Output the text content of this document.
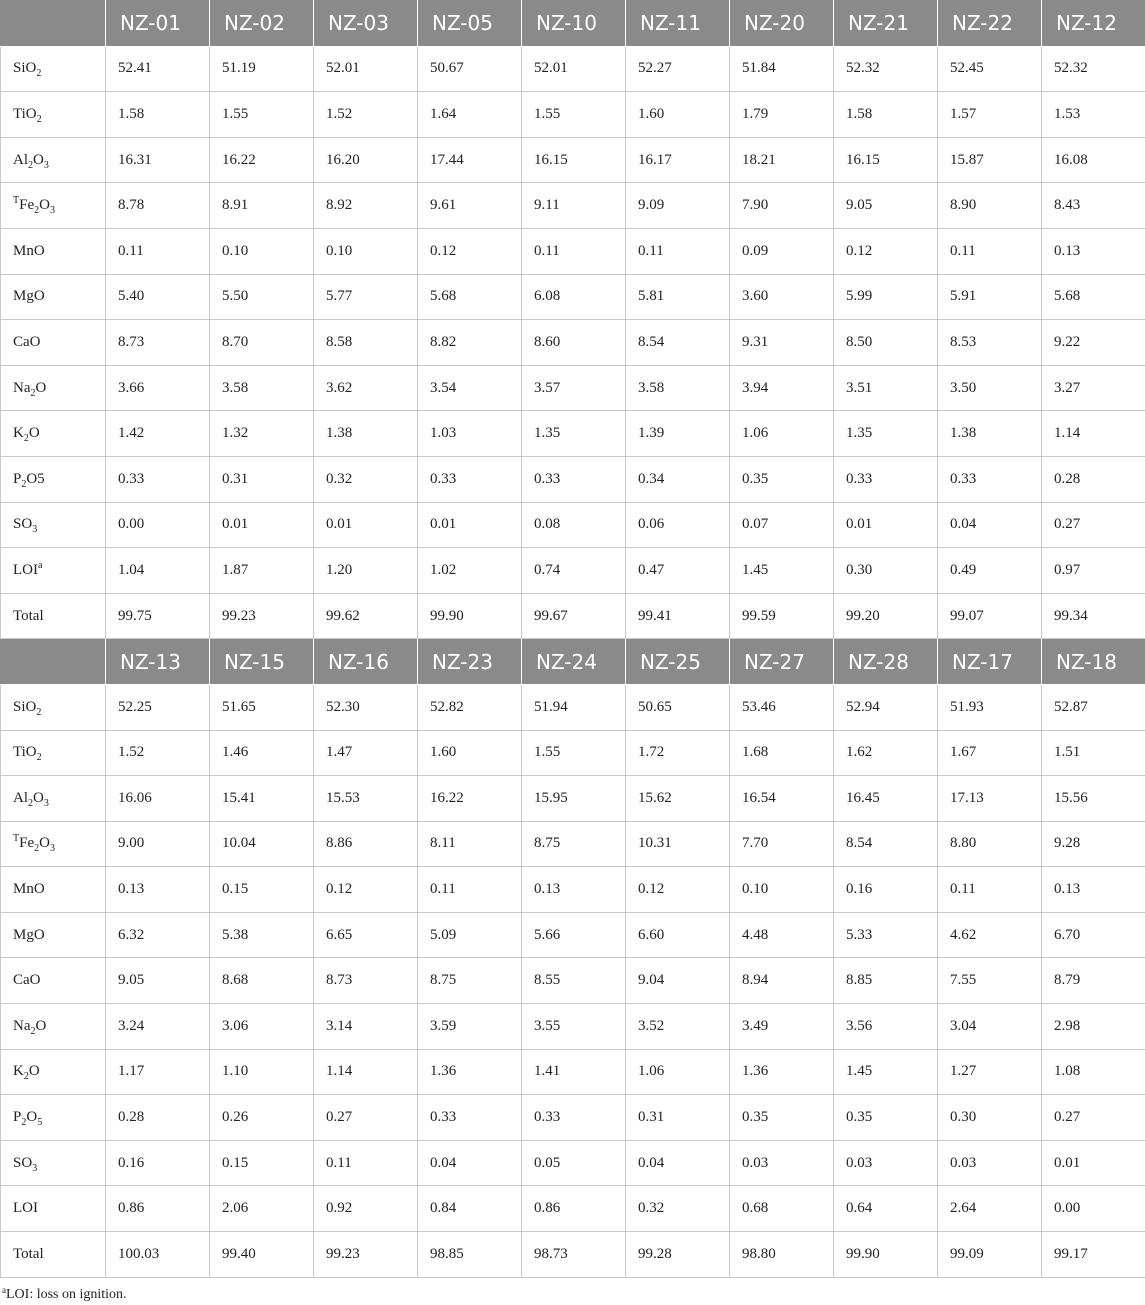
	NZ-01	NZ-02	NZ-03	NZ-05	NZ-10	NZ-11	NZ-20	NZ-21	NZ-22	NZ-12
SiO$_2$	52.41	51.19	52.01	50.67	52.01	52.27	51.84	52.32	52.45	52.32
TiO$_2$	1.58	1.55	1.52	1.64	1.55	1.60	1.79	1.58	1.57	1.53
$Al_2O_3$	16.31	16.22	16.20	17.44	16.15	16.17	18.21	16.15	15.87	16.08
$^TFe_2O_3$	8.78	8.91	8.92	9.61	9.11	9.09	7.90	9.05	8.90	8.43
MnO	0.11	0.10	0.10	0.12	0.11	0.11	0.09	0.12	0.11	0.13
MgO	5.40	5.50	5.77	5.68	6.08	5.81	3.60	5.99	5.91	5.68
CaO	8.73	8.70	8.58	8.82	8.60	8.54	9.31	8.50	8.53	9.22
$Na_2O$	3.66	3.58	3.62	3.54	3.57	3.58	3.94	3.51	3.50	3.27
$K_2O$	1.42	1.32	1.38	1.03	1.35	1.39	1.06	1.35	1.38	1.14
$P_2O5$	0.33	0.31	0.32	0.33	0.33	0.34	0.35	0.33	0.33	0.28
$SO_3$	0.00	0.01	0.01	0.01	0.08	0.06	0.07	0.01	0.04	0.27
LOI$^a$	1.04	1.87	1.20	1.02	0.74	0.47	1.45	0.30	0.49	0.97
Total	99.75	99.23	99.62	99.90	99.67	99.41	99.59	99.20	99.07	99.34
	NZ-13	NZ-15	NZ-16	NZ-23	NZ-24	NZ-25	NZ-27	NZ-28	NZ-17	NZ-18
SiO$_2$	52.25	51.65	52.30	52.82	51.94	50.65	53.46	52.94	51.93	52.87
TiO$_2$	1.52	1.46	1.47	1.60	1.55	1.72	1.68	1.62	1.67	1.51
$Al_2O_3$	16.06	15.41	15.53	16.22	15.95	15.62	16.54	16.45	17.13	15.56
$^TFe_2O_3$	9.00	10.04	8.86	8.11	8.75	10.31	7.70	8.54	8.80	9.28
MnO	0.13	0.15	0.12	0.11	0.13	0.12	0.10	0.16	0.11	0.13
MgO	6.32	5.38	6.65	5.09	5.66	6.60	4.48	5.33	4.62	6.70
CaO	9.05	8.68	8.73	8.75	8.55	9.04	8.94	8.85	7.55	8.79
$Na_2O$	3.24	3.06	3.14	3.59	3.55	3.52	3.49	3.56	3.04	2.98
$K_2O$	1.17	1.10	1.14	1.36	1.41	1.06	1.36	1.45	1.27	1.08
$P_2O_5$	0.28	0.26	0.27	0.33	0.33	0.31	0.35	0.35	0.30	0.27
$SO_3$	0.16	0.15	0.11	0.04	0.05	0.04	0.03	0.03	0.03	0.01
LOI	0.86	2.06	0.92	0.84	0.86	0.32	0.68	0.64	2.64	0.00
Total	100.03	99.40	99.23	98.85	98.73	99.28	98.80	99.90	99.09	99.17
$^a$LOI: loss on ignition.
